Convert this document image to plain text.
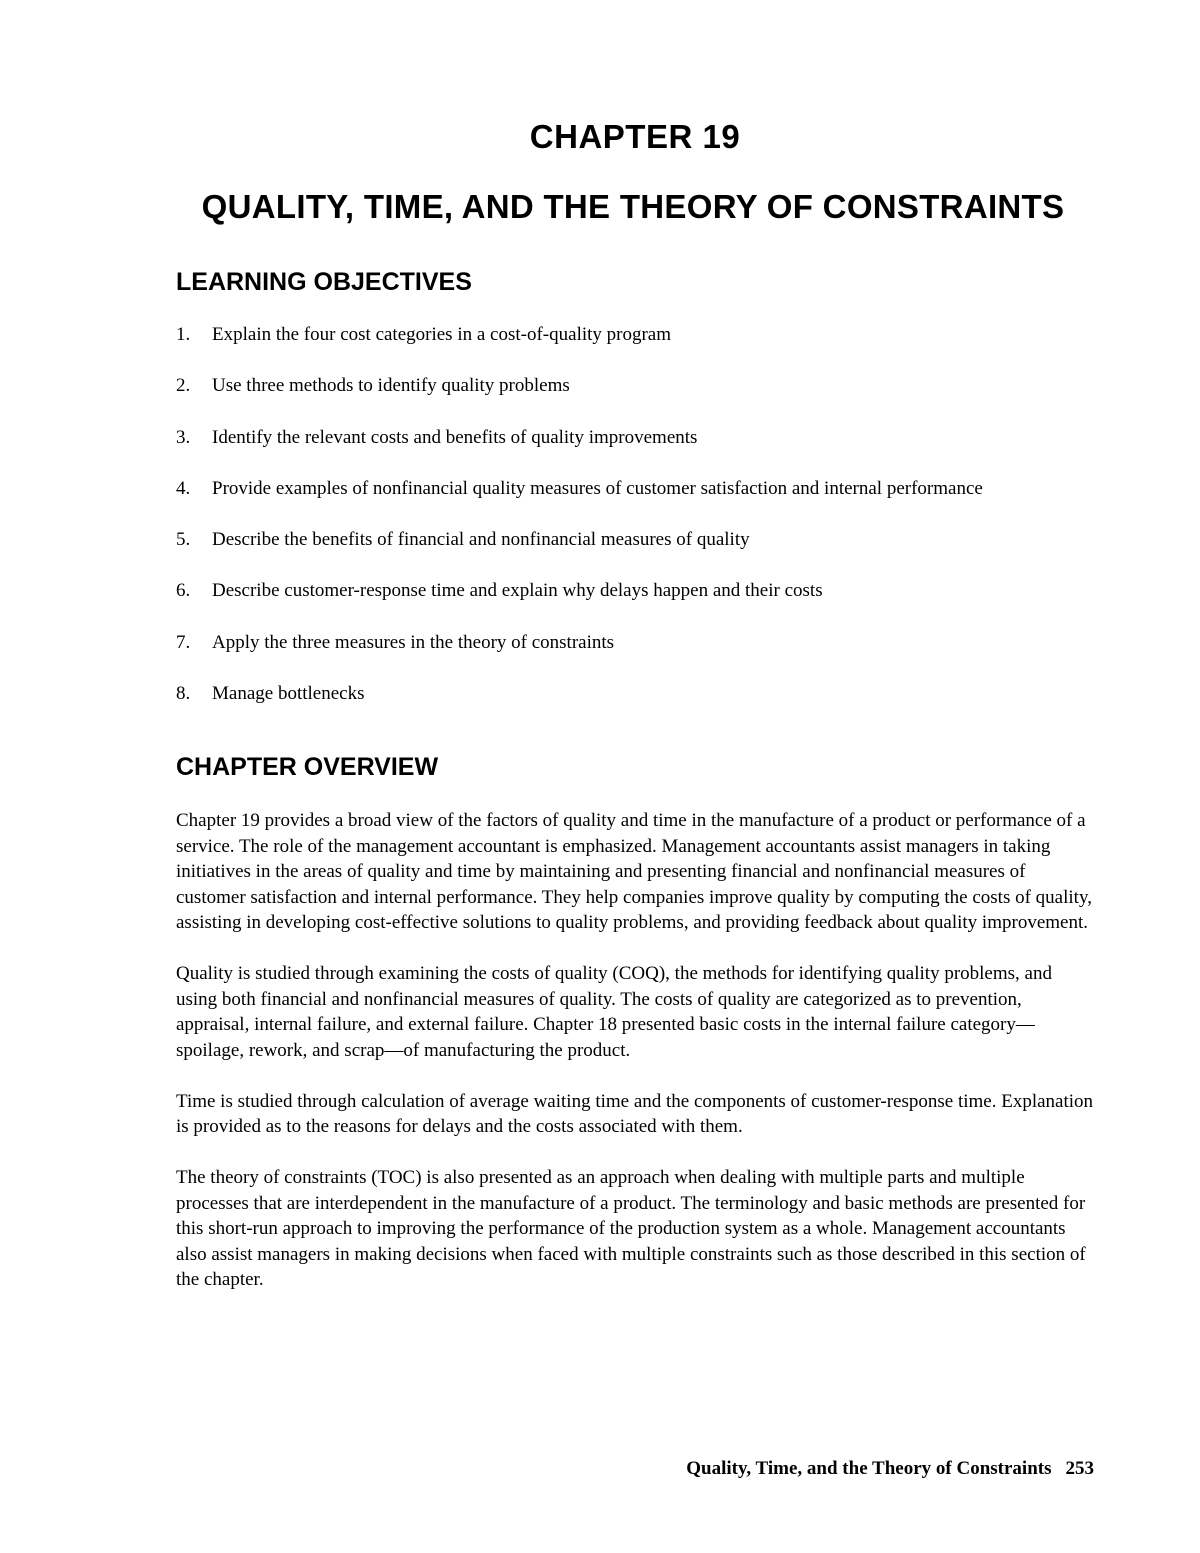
CHAPTER 19
QUALITY, TIME, AND THE THEORY OF CONSTRAINTS
LEARNING OBJECTIVES
1.	Explain the four cost categories in a cost-of-quality program
2.	Use three methods to identify quality problems
3.	Identify the relevant costs and benefits of quality improvements
4.	Provide examples of nonfinancial quality measures of customer satisfaction and internal performance
5.	Describe the benefits of financial and nonfinancial measures of quality
6.	Describe customer-response time and explain why delays happen and their costs
7.	Apply the three measures in the theory of constraints
8.	Manage bottlenecks
CHAPTER OVERVIEW

Chapter 19 provides a broad view of the factors of quality and time in the manufacture of a product or performance of a service. The role of the management accountant is emphasized. Management accountants assist managers in taking initiatives in the areas of quality and time by maintaining and presenting financial and nonfinancial measures of customer satisfaction and internal performance. They help companies improve quality by computing the costs of quality, assisting in developing cost-effective solutions to quality problems, and providing feedback about quality improvement.

Quality is studied through examining the costs of quality (COQ), the methods for identifying quality problems, and using both financial and nonfinancial measures of quality. The costs of quality are categorized as to prevention, appraisal, internal failure, and external failure. Chapter 18 presented basic costs in the internal failure category—spoilage, rework, and scrap—of manufacturing the product.

Time is studied through calculation of average waiting time and the components of customer-response time. Explanation is provided as to the reasons for delays and the costs associated with them.

The theory of constraints (TOC) is also presented as an approach when dealing with multiple parts and multiple processes that are interdependent in the manufacture of a product. The terminology and basic methods are presented for this short-run approach to improving the performance of the production system as a whole. Management accountants also assist managers in making decisions when faced with multiple constraints such as those described in this section of the chapter.

Quality, Time, and the Theory of Constraints 253
